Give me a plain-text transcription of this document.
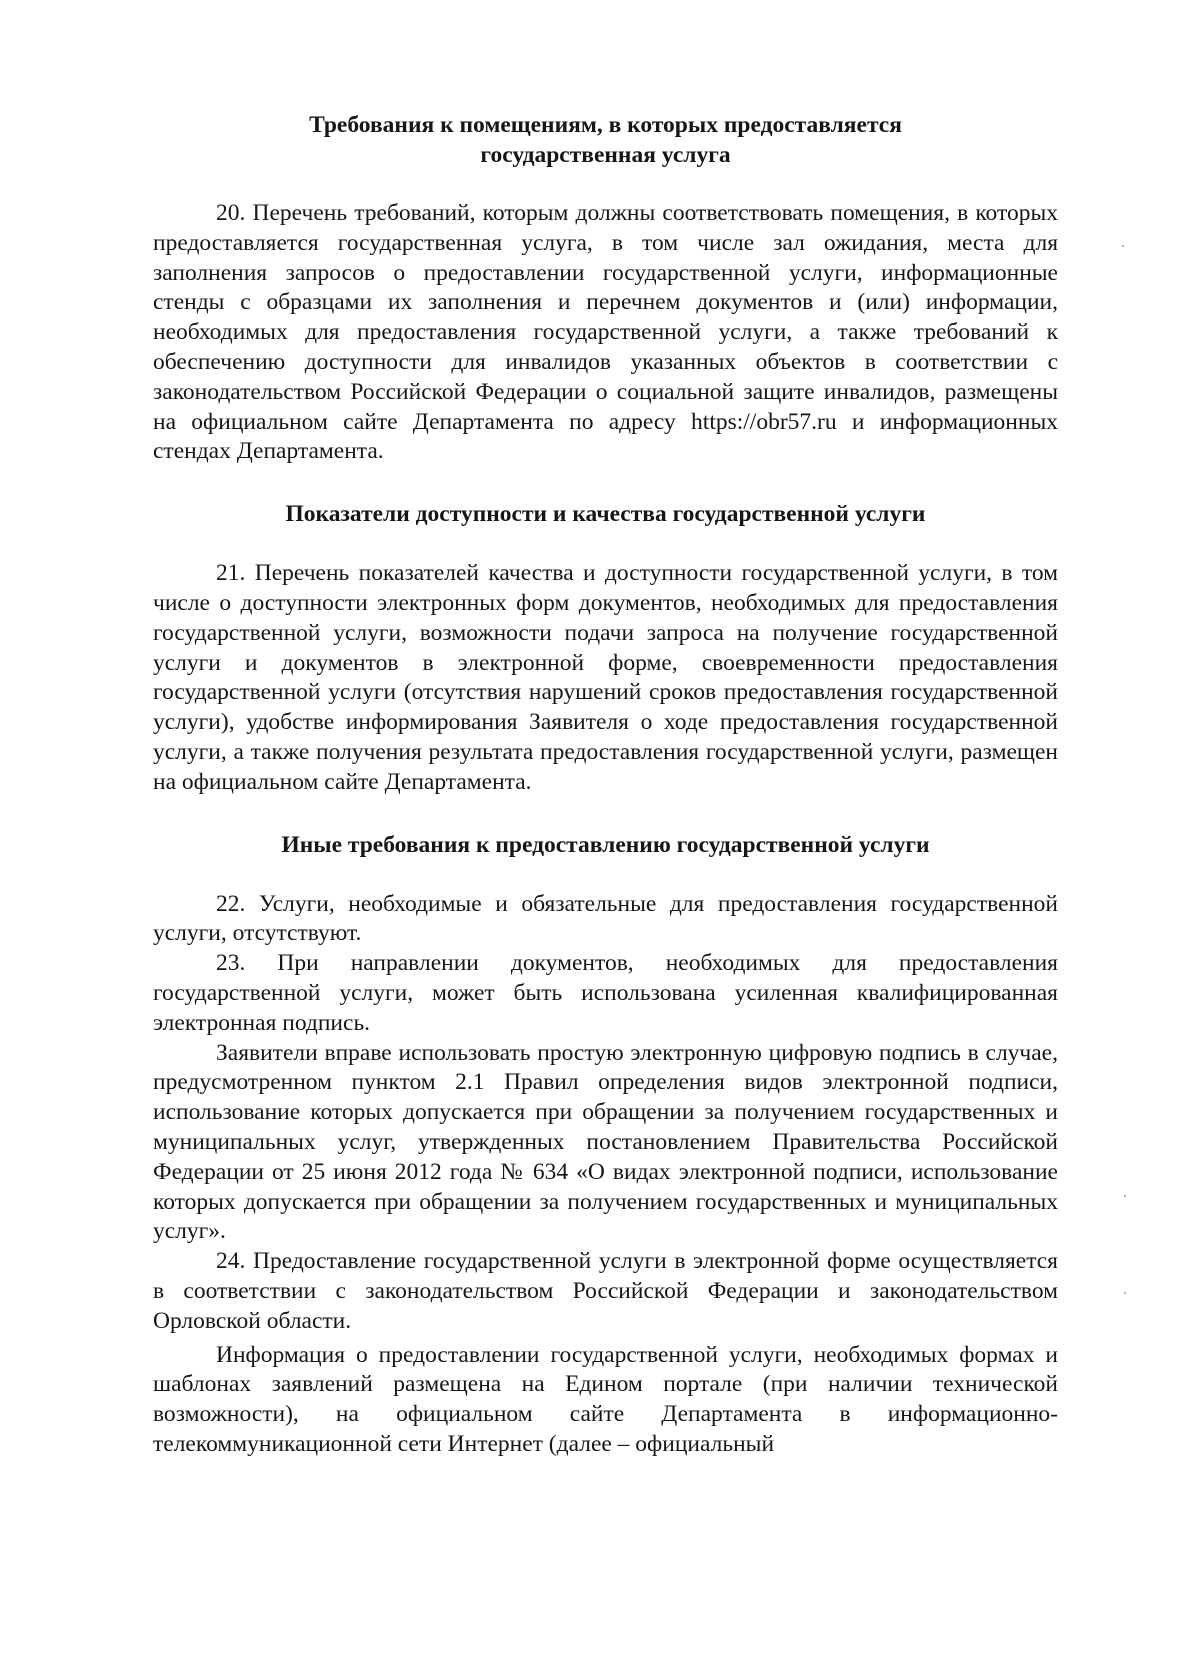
Требования к помещениям, в которых предоставляется
государственная услуга

20. Перечень требований, которым должны соответствовать помещения, в которых предоставляется государственная услуга, в том числе зал ожидания, места для заполнения запросов о предоставлении государственной услуги, информационные стенды с образцами их заполнения и перечнем документов и (или) информации, необходимых для предоставления государственной услуги, а также требований к обеспечению доступности для инвалидов указанных объектов в соответствии с законодательством Российской Федерации о социальной защите инвалидов, размещены на официальном сайте Департамента по адресу https://obr57.ru и информационных стендах Департамента.

Показатели доступности и качества государственной услуги

21. Перечень показателей качества и доступности государственной услуги, в том числе о доступности электронных форм документов, необходимых для предоставления государственной услуги, возможности подачи запроса на получение государственной услуги и документов в электронной форме, своевременности предоставления государственной услуги (отсутствия нарушений сроков предоставления государственной услуги), удобстве информирования Заявителя о ходе предоставления государственной услуги, а также получения результата предоставления государственной услуги, размещен на официальном сайте Департамента.

Иные требования к предоставлению государственной услуги

22. Услуги, необходимые и обязательные для предоставления государственной услуги, отсутствуют.

23. При направлении документов, необходимых для предоставления государственной услуги, может быть использована усиленная квалифицированная электронная подпись.

Заявители вправе использовать простую электронную цифровую подпись в случае, предусмотренном пунктом 2.1 Правил определения видов электронной подписи, использование которых допускается при обращении за получением государственных и муниципальных услуг, утвержденных постановлением Правительства Российской Федерации от 25 июня 2012 года № 634 «О видах электронной подписи, использование которых допускается при обращении за получением государственных и муниципальных услуг».

24. Предоставление государственной услуги в электронной форме осуществляется в соответствии с законодательством Российской Федерации и законодательством Орловской области.

Информация о предоставлении государственной услуги, необходимых формах и шаблонах заявлений размещена на Едином портале (при наличии технической возможности), на официальном сайте Департамента в информационно-телекоммуникационной сети Интернет (далее – официальный
